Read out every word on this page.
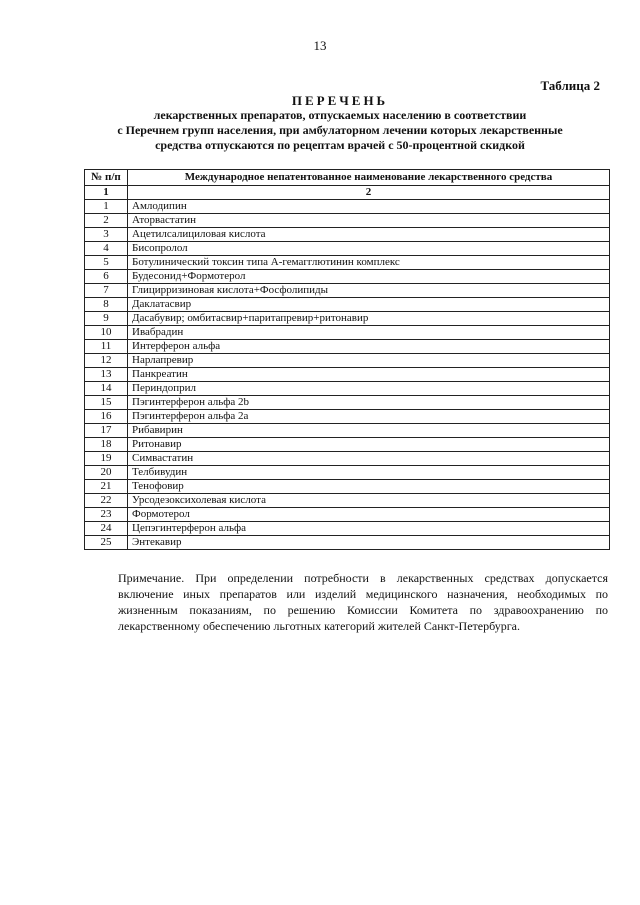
13
Таблица 2
ПЕРЕЧЕНЬ
лекарственных препаратов, отпускаемых населению в соответствии
с Перечнем групп населения, при амбулаторном лечении которых лекарственные
средства отпускаются по рецептам врачей с 50-процентной скидкой
№ п/п	Международное непатентованное наименование лекарственного средства
1	2
1	Амлодипин
2	Аторвастатин
3	Ацетилсалициловая кислота
4	Бисопролол
5	Ботулинический токсин типа А-гемагглютинин комплекс
6	Будесонид+Формотерол
7	Глицирризиновая кислота+Фосфолипиды
8	Даклатасвир
9	Дасабувир; омбитасвир+паритапревир+ритонавир
10	Ивабрадин
11	Интерферон альфа
12	Нарлапревир
13	Панкреатин
14	Периндоприл
15	Пэгинтерферон альфа 2b
16	Пэгинтерферон альфа 2a
17	Рибавирин
18	Ритонавир
19	Симвастатин
20	Телбивудин
21	Тенофовир
22	Урсодезоксихолевая кислота
23	Формотерол
24	Цепэгинтерферон альфа
25	Энтекавир
Примечание. При определении потребности в лекарственных средствах допускается включение иных препаратов или изделий медицинского назначения, необходимых по жизненным показаниям, по решению Комиссии Комитета по здравоохранению по лекарственному обеспечению льготных категорий жителей Санкт-Петербурга.
